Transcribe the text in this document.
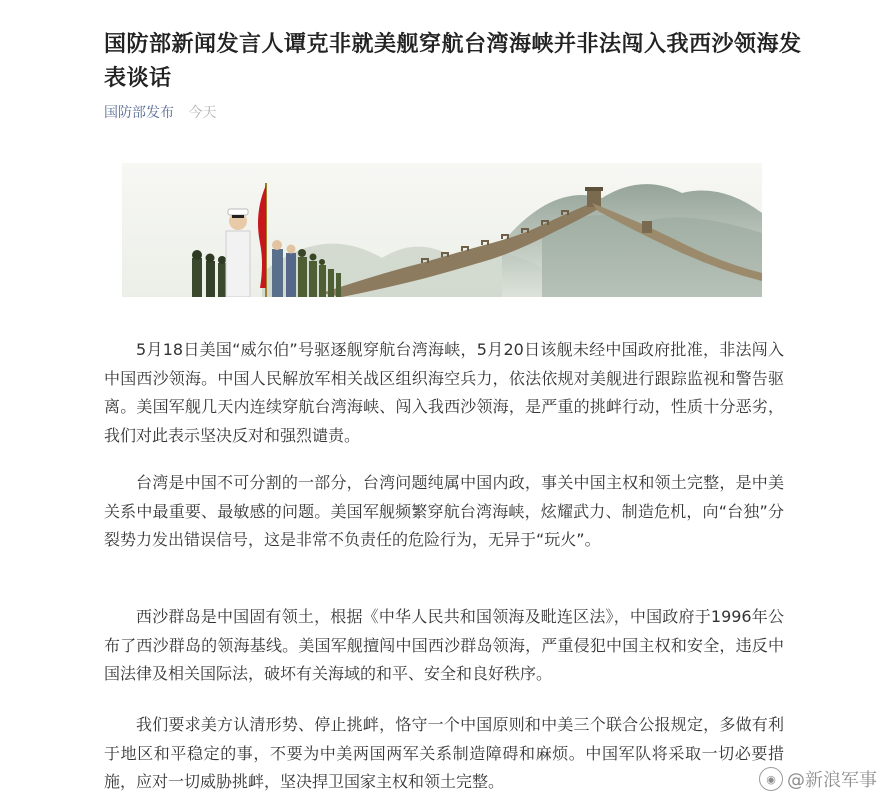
国防部新闻发言人谭克非就美舰穿航台湾海峡并非法闯入我西沙领海发表谈话
国防部发布 今天
5月18日美国“威尔伯”号驱逐舰穿航台湾海峡，5月20日该舰未经中国政府批准，非法闯入中国西沙领海。中国人民解放军相关战区组织海空兵力，依法依规对美舰进行跟踪监视和警告驱离。美国军舰几天内连续穿航台湾海峡、闯入我西沙领海，是严重的挑衅行动，性质十分恶劣，我们对此表示坚决反对和强烈谴责。
台湾是中国不可分割的一部分，台湾问题纯属中国内政，事关中国主权和领土完整，是中美关系中最重要、最敏感的问题。美国军舰频繁穿航台湾海峡，炫耀武力、制造危机，向“台独”分裂势力发出错误信号，这是非常不负责任的危险行为，无异于“玩火”。
西沙群岛是中国固有领土，根据《中华人民共和国领海及毗连区法》，中国政府于1996年公布了西沙群岛的领海基线。美国军舰擅闯中国西沙群岛领海，严重侵犯中国主权和安全，违反中国法律及相关国际法，破坏有关海域的和平、安全和良好秩序。
我们要求美方认清形势、停止挑衅，恪守一个中国原则和中美三个联合公报规定，多做有利于地区和平稳定的事，不要为中美两国两军关系制造障碍和麻烦。中国军队将采取一切必要措施，应对一切威胁挑衅，坚决捍卫国家主权和领土完整。	◉ @新浪军事
